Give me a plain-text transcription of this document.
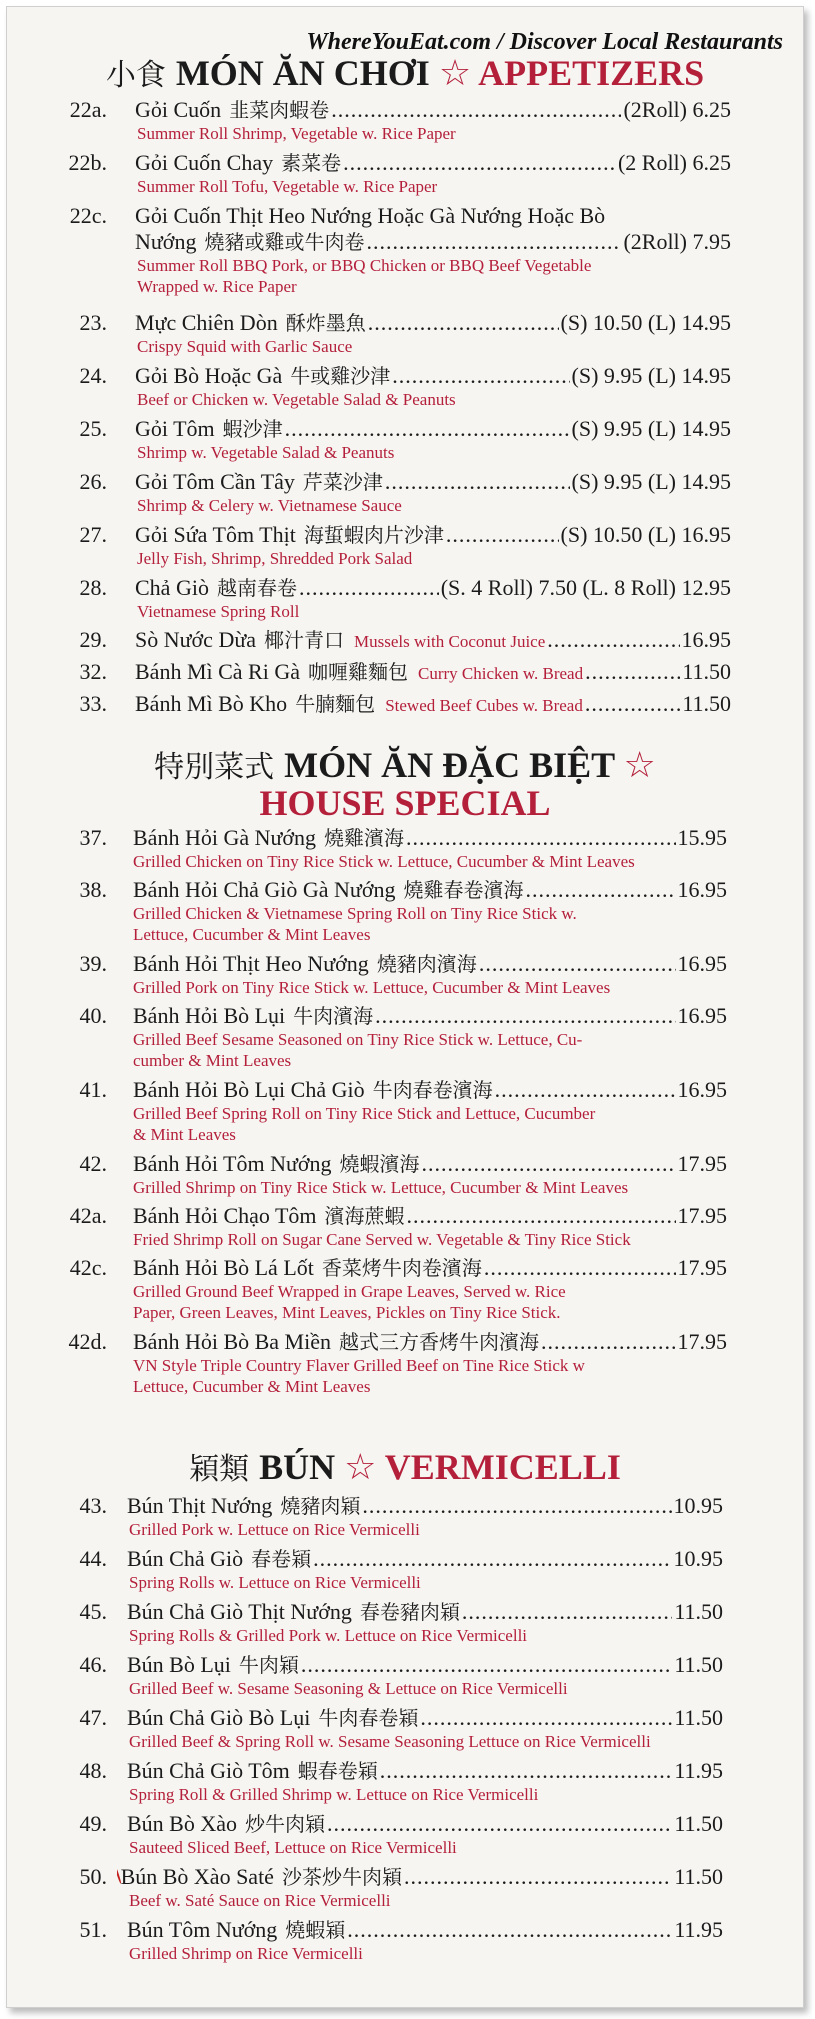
WhereYouEat.com / Discover Local Restaurants
小食 MÓN ĂN CHƠI ☆ APPETIZERS
22a. Gỏi Cuốn 韭菜肉蝦卷 .....	(2Roll) 6.25
Summer Roll Shrimp, Vegetable w. Rice Paper
22b. Gỏi Cuốn Chay 素菜卷 .....	(2 Roll) 6.25
Summer Roll Tofu, Vegetable w. Rice Paper
22c. Gỏi Cuốn Thịt Heo Nướng Hoặc Gà Nướng Hoặc Bò
Nướng 燒豬或雞或牛肉卷 .....	(2Roll) 7.95
Summer Roll BBQ Pork, or BBQ Chicken or BBQ Beef Vegetable
Wrapped w. Rice Paper
23. Mực Chiên Dòn 酥炸墨魚 .....	(S) 10.50 (L) 14.95
Crispy Squid with Garlic Sauce
24. Gỏi Bò Hoặc Gà 牛或雞沙津 .....	(S) 9.95 (L) 14.95
Beef or Chicken w. Vegetable Salad & Peanuts
25. Gỏi Tôm 蝦沙津 .....	(S) 9.95 (L) 14.95
Shrimp w. Vegetable Salad & Peanuts
26. Gỏi Tôm Cần Tây 芹菜沙津 .....	(S) 9.95 (L) 14.95
Shrimp & Celery w. Vietnamese Sauce
27. Gỏi Sứa Tôm Thịt 海蜇蝦肉片沙津 .....	(S) 10.50 (L) 16.95
Jelly Fish, Shrimp, Shredded Pork Salad
28. Chả Giò 越南春卷 .....	(S. 4 Roll) 7.50 (L. 8 Roll) 12.95
Vietnamese Spring Roll
29. Sò Nước Dừa 椰汁青口 Mussels with Coconut Juice .....	16.95
32. Bánh Mì Cà Ri Gà 咖喱雞麵包 Curry Chicken w. Bread .....	11.50
33. Bánh Mì Bò Kho 牛腩麵包 Stewed Beef Cubes w. Bread .....	11.50
特別菜式 MÓN ĂN ĐẶC BIỆT ☆
HOUSE SPECIAL
37. Bánh Hỏi Gà Nướng 燒雞濱海 .....	15.95
Grilled Chicken on Tiny Rice Stick w. Lettuce, Cucumber & Mint Leaves
38. Bánh Hỏi Chả Giò Gà Nướng 燒雞春卷濱海 .....	16.95
Grilled Chicken & Vietnamese Spring Roll on Tiny Rice Stick w.
Lettuce, Cucumber & Mint Leaves
39. Bánh Hỏi Thịt Heo Nướng 燒豬肉濱海 .....	16.95
Grilled Pork on Tiny Rice Stick w. Lettuce, Cucumber & Mint Leaves
40. Bánh Hỏi Bò Lụi 牛肉濱海 .....	16.95
Grilled Beef Sesame Seasoned on Tiny Rice Stick w. Lettuce, Cu-
cumber & Mint Leaves
41. Bánh Hỏi Bò Lụi Chả Giò 牛肉春卷濱海 .....	16.95
Grilled Beef Spring Roll on Tiny Rice Stick and Lettuce, Cucumber
& Mint Leaves
42. Bánh Hỏi Tôm Nướng 燒蝦濱海 .....	17.95
Grilled Shrimp on Tiny Rice Stick w. Lettuce, Cucumber & Mint Leaves
42a. Bánh Hỏi Chạo Tôm 濱海蔗蝦 .....	17.95
Fried Shrimp Roll on Sugar Cane Served w. Vegetable & Tiny Rice Stick
42c. Bánh Hỏi Bò Lá Lốt 香菜烤牛肉卷濱海 .....	17.95
Grilled Ground Beef Wrapped in Grape Leaves, Served w. Rice
Paper, Green Leaves, Mint Leaves, Pickles on Tiny Rice Stick.
42d. Bánh Hỏi Bò Ba Miền 越式三方香烤牛肉濱海 .....	17.95
VN Style Triple Country Flaver Grilled Beef on Tine Rice Stick w
Lettuce, Cucumber & Mint Leaves
㯋類 BÚN ☆ VERMICELLI
43. Bún Thịt Nướng 燒豬肉㯋 .....	10.95
Grilled Pork w. Lettuce on Rice Vermicelli
44. Bún Chả Giò 春卷㯋 .....	10.95
Spring Rolls w. Lettuce on Rice Vermicelli
45. Bún Chả Giò Thịt Nướng 春卷豬肉㯋 .....	11.50
Spring Rolls & Grilled Pork w. Lettuce on Rice Vermicelli
46. Bún Bò Lụi 牛肉㯋 .....	11.50
Grilled Beef w. Sesame Seasoning & Lettuce on Rice Vermicelli
47. Bún Chả Giò Bò Lụi 牛肉春卷㯋 .....	11.50
Grilled Beef & Spring Roll w. Sesame Seasoning Lettuce on Rice Vermicelli
48. Bún Chả Giò Tôm 蝦春卷㯋 .....	11.95
Spring Roll & Grilled Shrimp w. Lettuce on Rice Vermicelli
49. Bún Bò Xào 炒牛肉㯋 .....	11.50
Sauteed Sliced Beef, Lettuce on Rice Vermicelli
50. Bún Bò Xào Saté 沙茶炒牛肉㯋 .....	11.50
Beef w. Saté Sauce on Rice Vermicelli
51. Bún Tôm Nướng 燒蝦㯋 .....	11.95
Grilled Shrimp on Rice Vermicelli
